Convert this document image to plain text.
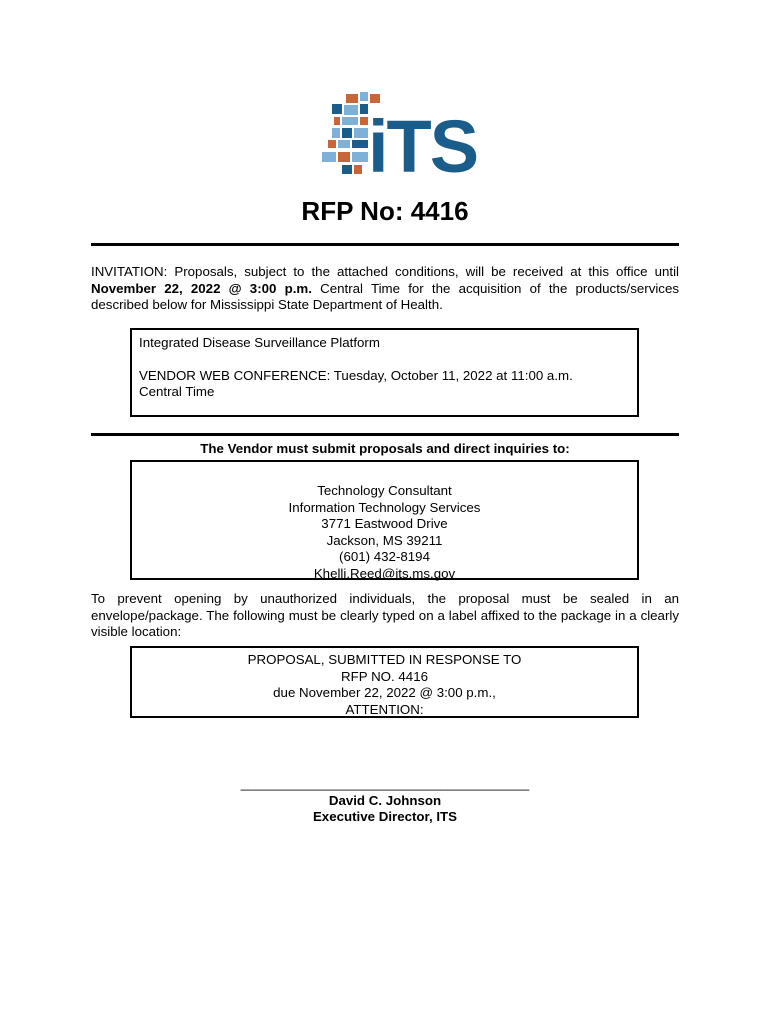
iTS
RFP No: 4416
INVITATION: Proposals, subject to the attached conditions, will be received at this office until November 22, 2022 @ 3:00 p.m. Central Time for the acquisition of the products/services described below for Mississippi State Department of Health.
Integrated Disease Surveillance Platform
VENDOR WEB CONFERENCE: Tuesday, October 11, 2022 at 11:00 a.m. Central Time
The Vendor must submit proposals and direct inquiries to:
Technology Consultant
Information Technology Services
3771 Eastwood Drive
Jackson, MS 39211
(601) 432-8194
Khelli.Reed@its.ms.gov
To prevent opening by unauthorized individuals, the proposal must be sealed in an envelope/package. The following must be clearly typed on a label affixed to the package in a clearly visible location:
PROPOSAL, SUBMITTED IN RESPONSE TO
RFP NO. 4416
due November 22, 2022 @ 3:00 p.m.,
ATTENTION:
_______________________________________
David C. Johnson
Executive Director, ITS
